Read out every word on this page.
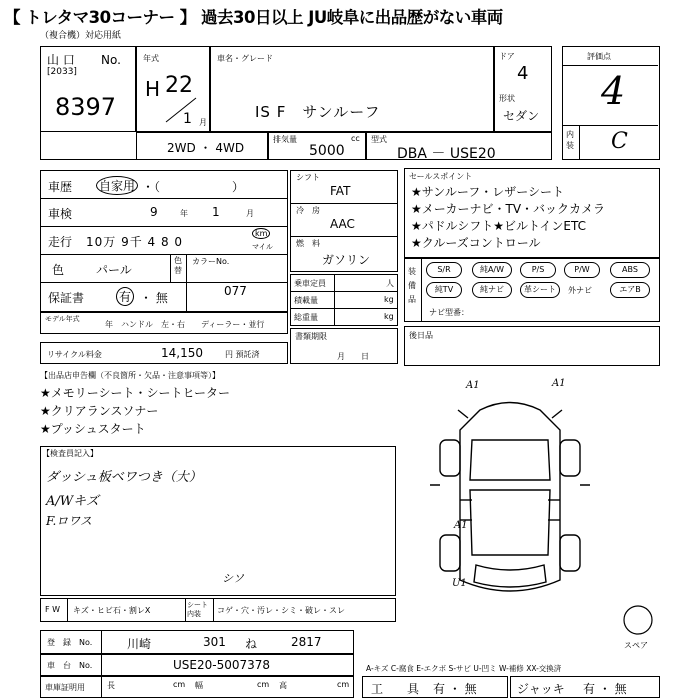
【 トレタマ30コーナー 】 過去30日以上 JU岐阜に出品歴がない車両
（複合機）対応用紙
山 口 No.
[2033]
8397
年式
H 22
1 月
車名・グレード
IS F　サンルーフ
ドア
4
形状
セダン
2WD ・ 4WD
排気量	cc
5000
型式
DBA － USE20
評価点
4
内装 C
車歴 自家用 ・（　　　　　　）
車検	9	年 1	月
走行 10万 9千 4 8 0
km
マイル
色	パール
色替
カラーNo.
077
保証書	有 ・ 無
モデル年式
年　ハンドル　左・右　　ディーラー・並行
リサイクル料金	14,150	円 預託済
シフト
FAT
冷　房
AAC
燃　料
ガソリン
乗車定員	人
積載量	kg
総重量	kg
書類期限
月　　日
セールスポイント
★サンルーフ・レザーシート
★メーカーナビ・TV・バックカメラ
★パドルシフト★ビルトインETC
★クルーズコントロール
装備品
ナビ型番：
S/R	純A/W	P/S	P/W	ABS
純TV	純ナビ	革シート	外ナビ	エアB
後日品
【出品店申告欄（不良箇所・欠品・注意事項等）】
★メモリーシート・シートヒーター
★クリアランスソナー
★プッシュスタート
【検査員記入】
ダッシュ板ベワつき（大）
A/Wキズ
F.ロワス
A1	A1
A1
U1
スペア
F W キズ・ヒビ石・割レX
シート内装	コゲ・穴・汚レ・シミ・破レ・スレ
シソ
登　録　No.	川崎	301 ね	2817
車　台　No.	USE20-5007378	A-キズ C-腐食 E-エクボ S-サビ U-凹ミ W-補修 XX-交換済
車庫証明用	長	cm 幅	cm 高	cm 工　　具 有 ・ 無	ジャッキ 有 ・ 無
